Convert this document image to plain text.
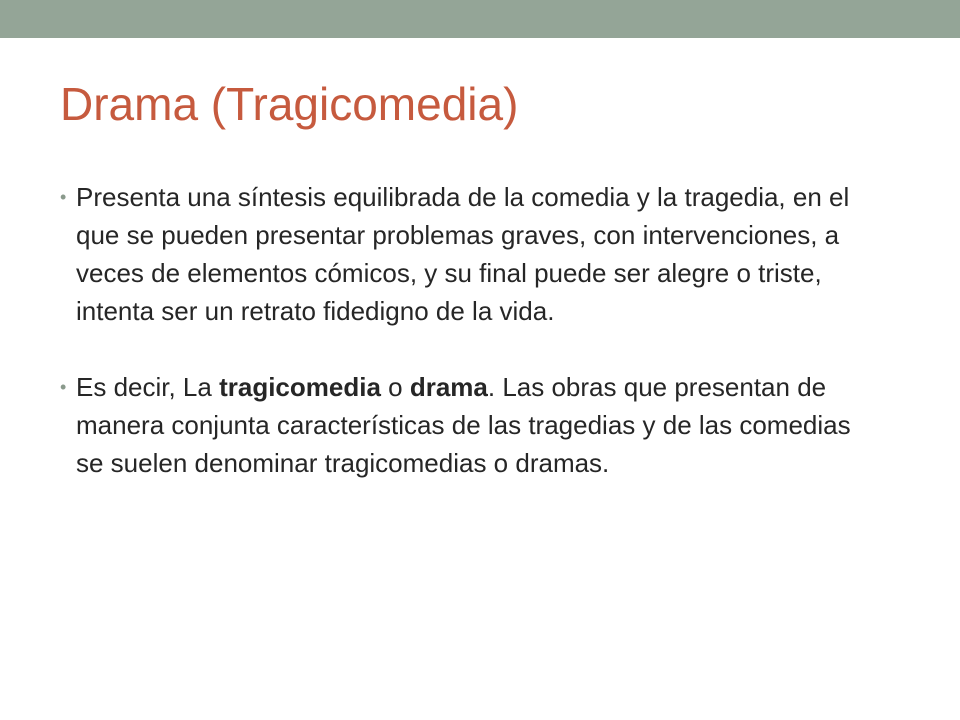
Drama (Tragicomedia)
• Presenta una síntesis equilibrada de la comedia y la tragedia, en el que se pueden presentar problemas graves, con intervenciones, a veces de elementos cómicos, y su final puede ser alegre o triste, intenta ser un retrato fidedigno de la vida.
• Es decir, La tragicomedia o drama. Las obras que presentan de manera conjunta características de las tragedias y de las comedias se suelen denominar tragicomedias o dramas.
